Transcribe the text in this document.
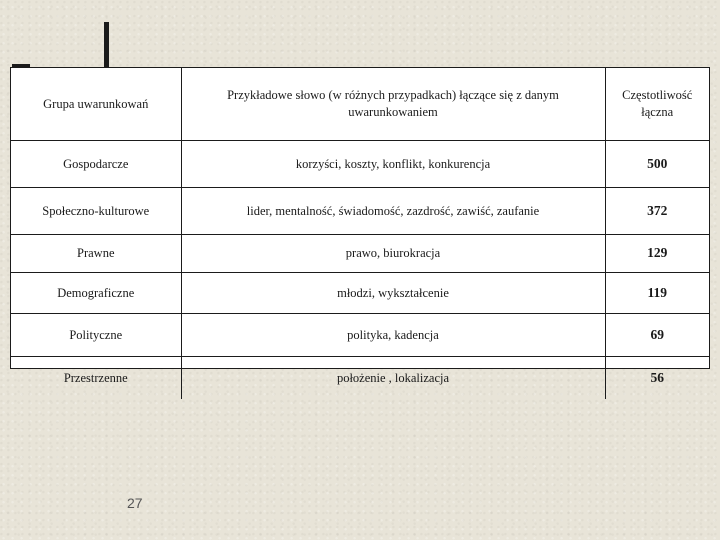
Grupa uwarunkowań	Przykładowe słowo (w różnych przypadkach) łączące się z danym uwarunkowaniem	Częstotliwość łączna
Gospodarcze	korzyści, koszty, konflikt, konkurencja	500
Społeczno-kulturowe	lider, mentalność, świadomość, zazdrość, zawiść, zaufanie	372
Prawne	prawo, biurokracja	129
Demograficzne	młodzi, wykształcenie	119
Polityczne	polityka, kadencja	69
Przestrzenne	położenie , lokalizacja	56
27
